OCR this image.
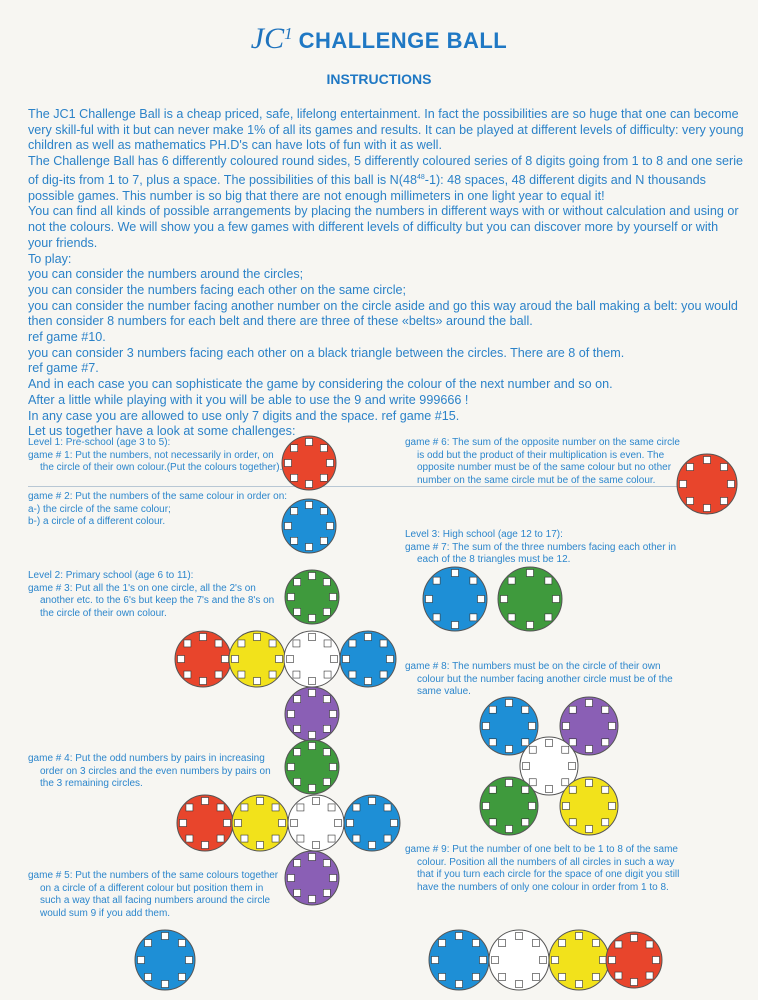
$JC^1$ CHALLENGE BALL
INSTRUCTIONS

The JC1 Challenge Ball is a cheap priced, safe, lifelong entertainment. In fact the possibilities are so huge that one can become very skill-ful with it but can never make 1% of all its games and results. It can be played at different levels of difficulty: very young children as well as mathematics PH.D's can have lots of fun with it as well.

The Challenge Ball has 6 differently coloured round sides, 5 differently coloured series of 8 digits going from 1 to 8 and one serie of dig-its from 1 to 7, plus a space. The possibilities of this ball is $N(48^{48}-1)$: 48 spaces, 48 different digits and N thousands possible games. This number is so big that there are not enough millimeters in one light year to equal it!

You can find all kinds of possible arrangements by placing the numbers in different ways with or without calculation and using or not the colours. We will show you a few games with different levels of difficulty but you can discover more by yourself or with your friends.

To play:

you can consider the numbers around the circles;

you can consider the numbers facing each other on the same circle;

you can consider the number facing another number on the circle aside and go this way aroud the ball making a belt: you would then consider 8 numbers for each belt and there are three of these «belts» around the ball.

ref game #10.

you can consider 3 numbers facing each other on a black triangle between the circles. There are 8 of them.

ref game #7.

And in each case you can sophisticate the game by considering the colour of the next number and so on.

After a little while playing with it you will be able to use the 9 and write 999666 !

In any case you are allowed to use only 7 digits and the space. ref game #15.

Let us together have a look at some challenges:

Level 1: Pre-school (age 3 to 5):

game # 1: Put the numbers, not necessarily in order, on

the circle of their own colour.(Put the colours together).

game # 2: Put the numbers of the same colour in order on:

a-) the circle of the same colour;

b-) a circle of a different colour.

Level 2: Primary school (age 6 to 11):

game # 3: Put all the 1's on one circle, all the 2's on

another etc. to the 6's but keep the 7's and the 8's on

the circle of their own colour.

game # 4: Put the odd numbers by pairs in increasing

order on 3 circles and the even numbers by pairs on

the 3 remaining circles.

game # 5: Put the numbers of the same colours together

on a circle of a different colour but position them in

such a way that all facing numbers around the circle

would sum 9 if you add them.

game # 6: The sum of the opposite number on the same circle

is odd but the product of their multiplication is even. The

opposite number must be of the same colour but no other

number on the same circle mut be of the same colour.

Level 3: High school (age 12 to 17):

game # 7: The sum of the three numbers facing each other in

each of the 8 triangles must be 12.

game # 8: The numbers must be on the circle of their own

colour but the number facing another circle must be of the

same value.

game # 9: Put the number of one belt to be 1 to 8 of the same

colour. Position all the numbers of all circles in such a way

that if you turn each circle for the space of one digit you still

have the numbers of only one colour in order from 1 to 8.
